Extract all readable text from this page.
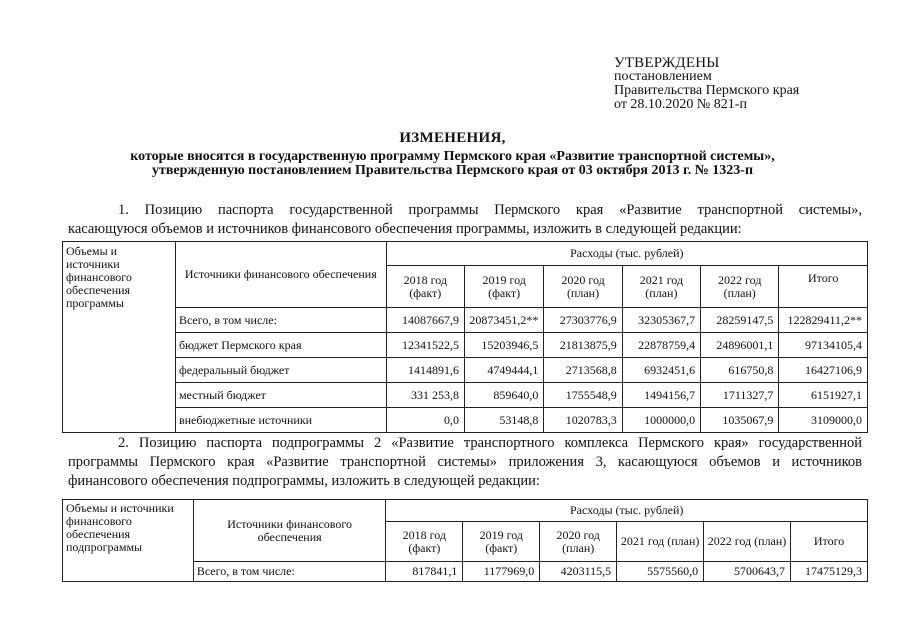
УТВЕРЖДЕНЫ
постановлением
Правительства Пермского края
от 28.10.2020 № 821-п
ИЗМЕНЕНИЯ,
которые вносятся в государственную программу Пермского края «Развитие транспортной системы»,
утвержденную постановлением Правительства Пермского края от 03 октября 2013 г. № 1323-п
1. Позицию паспорта государственной программы Пермского края «Развитие транспортной системы»,
касающуюся объемов и источников финансового обеспечения программы, изложить в следующей редакции:
Объемы и источники финансового обеспечения программы	Источники финансового обеспечения	Расходы (тыс. рублей)					
		2018 год (факт)	2019 год (факт)	2020 год (план)	2021 год (план)	2022 год (план)	Итого
	Всего, в том числе:	14087667,9	20873451,2**	27303776,9	32305367,7	28259147,5	122829411,2**
	бюджет Пермского края	12341522,5	15203946,5	21813875,9	22878759,4	24896001,1	97134105,4
	федеральный бюджет	1414891,6	4749444,1	2713568,8	6932451,6	616750,8	16427106,9
	местный бюджет	331 253,8	859640,0	1755548,9	1494156,7	1711327,7	6151927,1
	внебюджетные источники	0,0	53148,8	1020783,3	1000000,0	1035067,9	3109000,0
2. Позицию паспорта подпрограммы 2 «Развитие транспортного комплекса Пермского края» государственной
программы Пермского края «Развитие транспортной системы» приложения 3, касающуюся объемов и источников
финансового обеспечения подпрограммы, изложить в следующей редакции:
Объемы и источники финансового обеспечения подпрограммы	Источники финансового обеспечения	Расходы (тыс. рублей)					
		2018 год (факт)	2019 год (факт)	2020 год (план)	2021 год (план)	2022 год (план)	Итого
	Всего, в том числе:	817841,1	1177969,0	4203115,5	5575560,0	5700643,7	17475129,3
